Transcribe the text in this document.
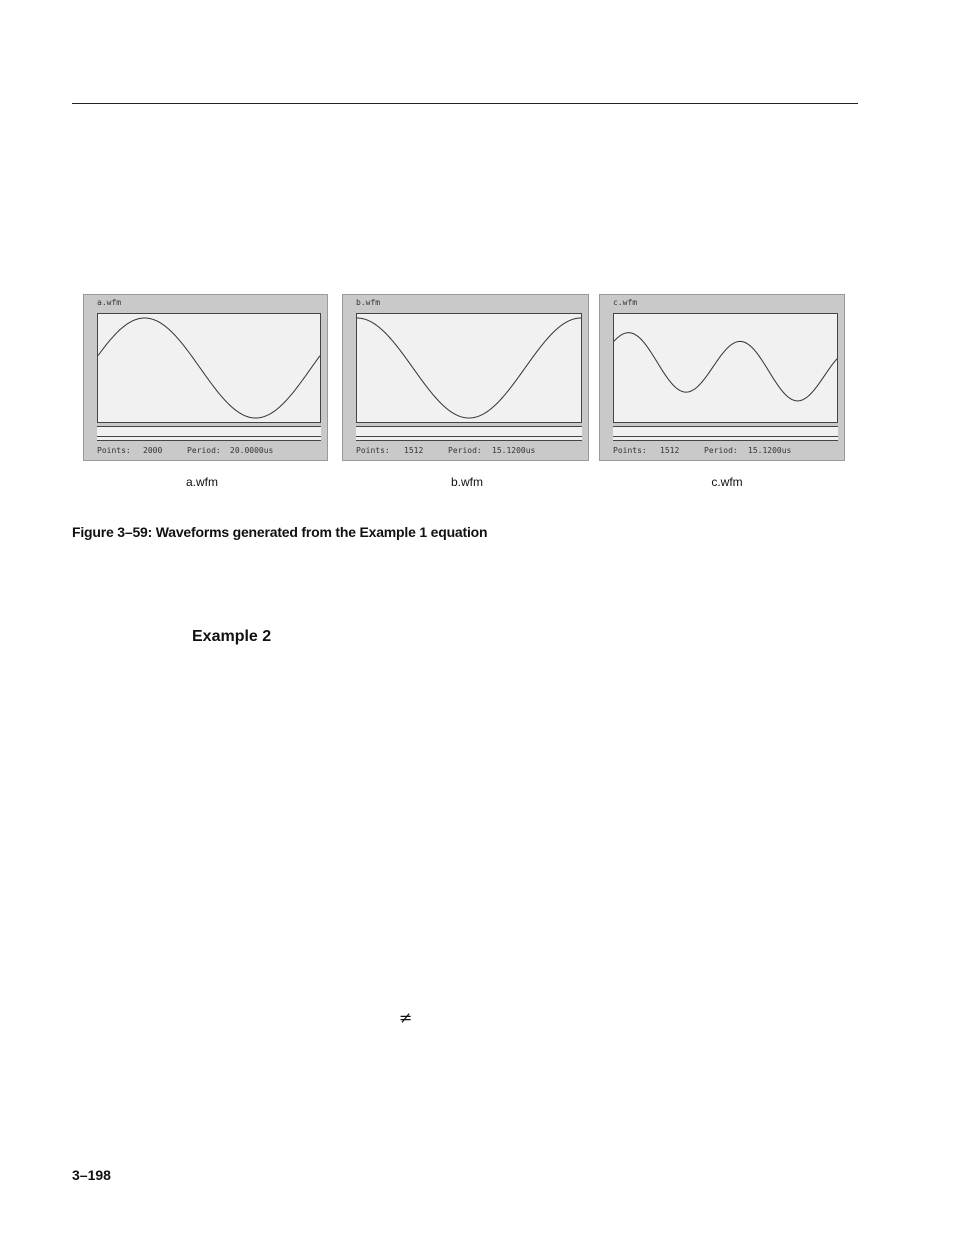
a.wfm
Points: 2000	Period: 20.0000us
b.wfm
Points: 1512	Period: 15.1200us
c.wfm
Points: 1512	Period: 15.1200us
a.wfm	b.wfm	c.wfm
Figure 3–59: Waveforms generated from the Example 1 equation
Example 2
≠
3–198
